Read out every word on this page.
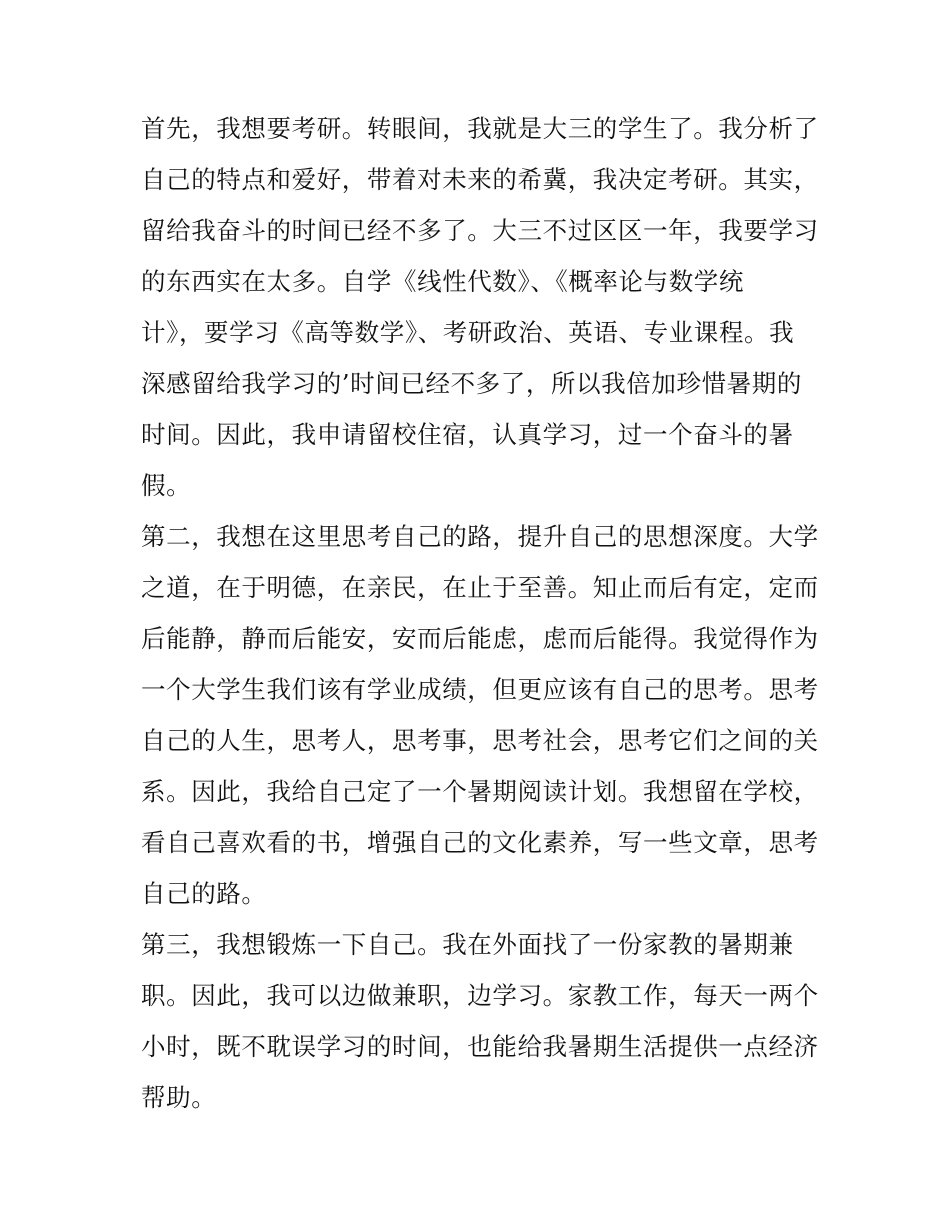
首先，我想要考研。转眼间，我就是大三的学生了。我分析了
自己的特点和爱好，带着对未来的希冀，我决定考研。其实，
留给我奋斗的时间已经不多了。大三不过区区一年，我要学习
的东西实在太多。自学《线性代数》、《概率论与数学统
计》，要学习《高等数学》、考研政治、英语、专业课程。我
深感留给我学习的’时间已经不多了，所以我倍加珍惜暑期的
时间。因此，我申请留校住宿，认真学习，过一个奋斗的暑
假。
第二，我想在这里思考自己的路，提升自己的思想深度。大学
之道，在于明德，在亲民，在止于至善。知止而后有定，定而
后能静，静而后能安，安而后能虑，虑而后能得。我觉得作为
一个大学生我们该有学业成绩，但更应该有自己的思考。思考
自己的人生，思考人，思考事，思考社会，思考它们之间的关
系。因此，我给自己定了一个暑期阅读计划。我想留在学校，
看自己喜欢看的书，增强自己的文化素养，写一些文章，思考
自己的路。
第三，我想锻炼一下自己。我在外面找了一份家教的暑期兼
职。因此，我可以边做兼职，边学习。家教工作，每天一两个
小时，既不耽误学习的时间，也能给我暑期生活提供一点经济
帮助。
